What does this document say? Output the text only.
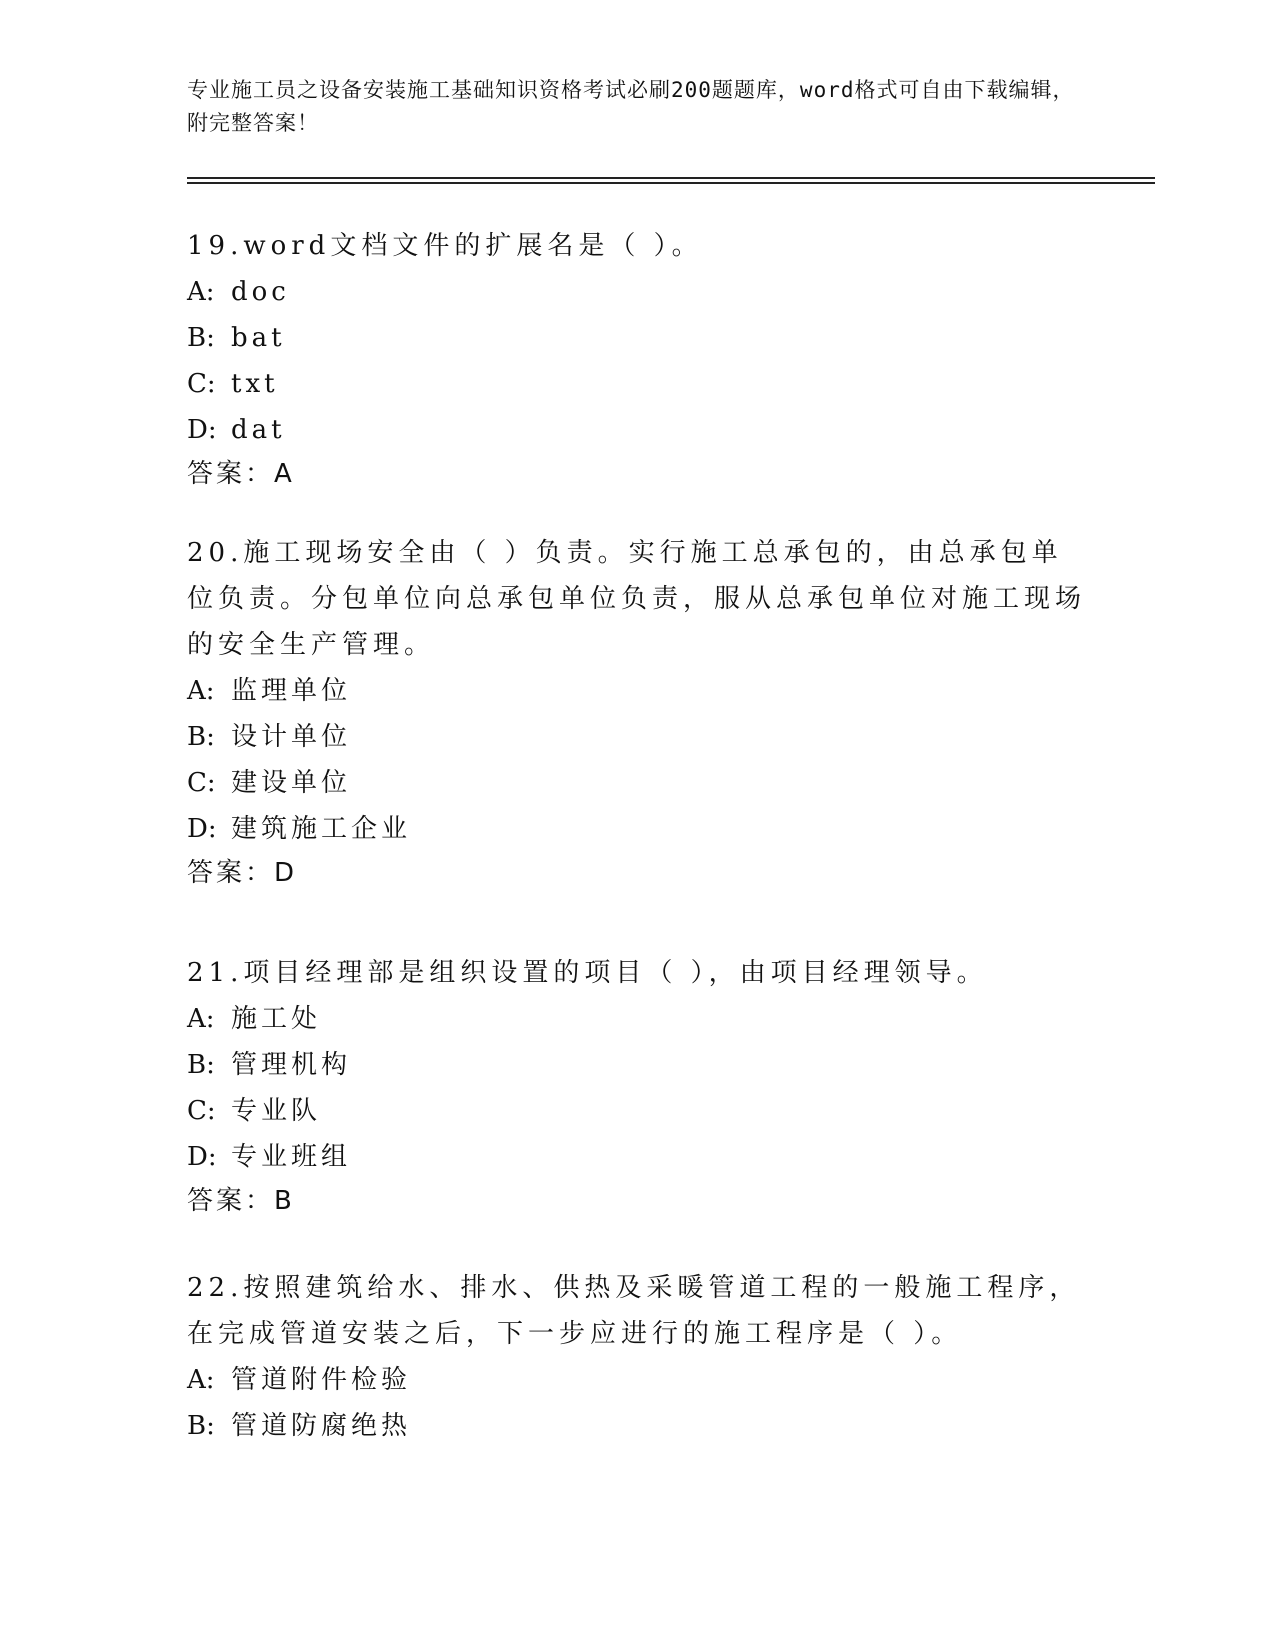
专业施工员之设备安装施工基础知识资格考试必刷200题题库，word格式可自由下载编辑，附完整答案！

19.word文档文件的扩展名是（ ）。

A: doc

B: bat

C: txt

D: dat

答案：A

20.施工现场安全由（ ）负责。实行施工总承包的，由总承包单位负责。分包单位向总承包单位负责，服从总承包单位对施工现场的安全生产管理。

A: 监理单位

B: 设计单位

C: 建设单位

D: 建筑施工企业

答案：D

21.项目经理部是组织设置的项目（ ），由项目经理领导。

A: 施工处

B: 管理机构

C: 专业队

D: 专业班组

答案：B

22.按照建筑给水、排水、供热及采暖管道工程的一般施工程序，在完成管道安装之后，下一步应进行的施工程序是（ ）。

A: 管道附件检验

B: 管道防腐绝热
